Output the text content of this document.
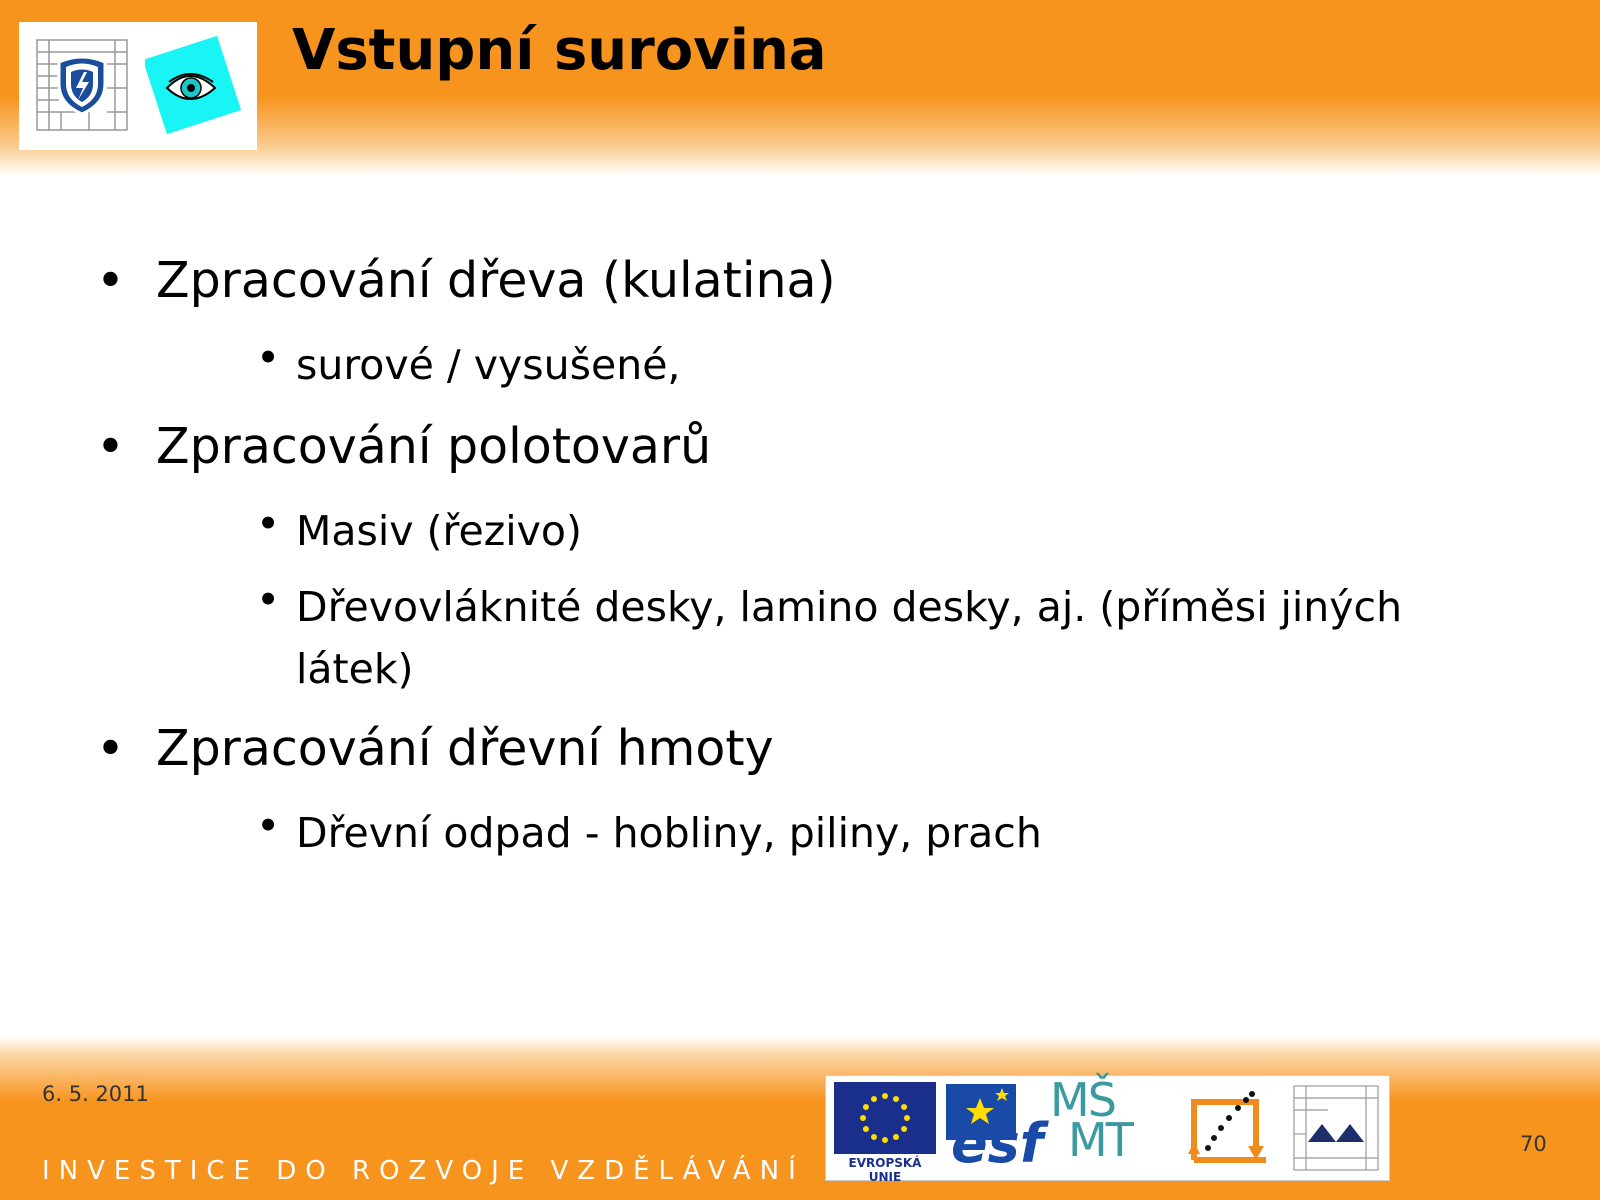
Vstupní surovina
• Zpracování dřeva (kulatina)
• surové / vysušené,
• Zpracování polotovarů
• Masiv (řezivo)
• Dřevovláknité desky, lamino desky, aj. (příměsi jiných
látek)
• Zpracování dřevní hmoty
• Dřevní odpad - hobliny, piliny, prach
6. 5. 2011
INVESTICE DO ROZVOJE VZDĚLÁVÁNÍ
70
EVROPSKÁ UNIE
esf
MŠ
MT
